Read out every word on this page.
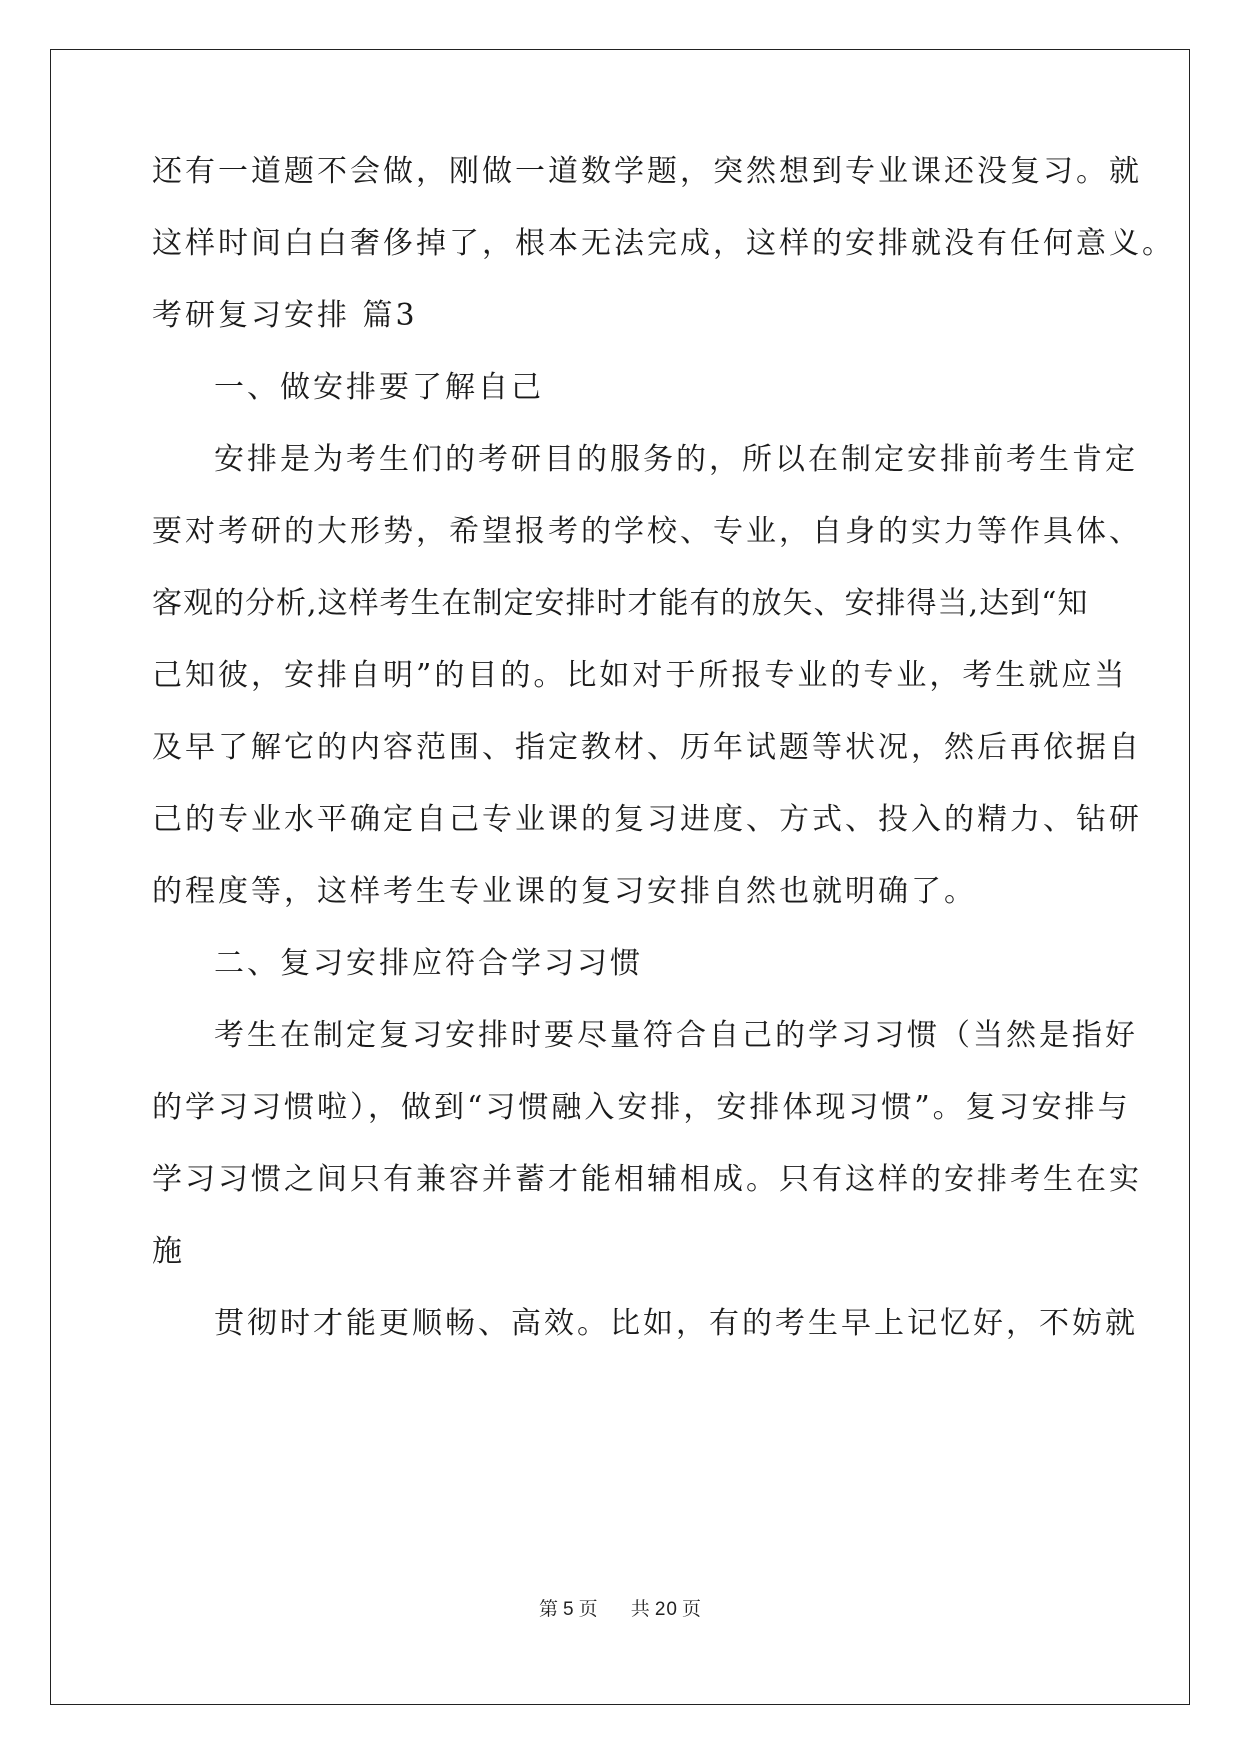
还有一道题不会做，刚做一道数学题，突然想到专业课还没复习。就
这样时间白白奢侈掉了，根本无法完成，这样的安排就没有任何意义。
考研复习安排 篇3
一、做安排要了解自己
安排是为考生们的考研目的服务的，所以在制定安排前考生肯定
要对考研的大形势，希望报考的学校、专业，自身的实力等作具体、
客观的分析,这样考生在制定安排时才能有的放矢、安排得当,达到“知
己知彼，安排自明”的目的。比如对于所报专业的专业，考生就应当
及早了解它的内容范围、指定教材、历年试题等状况，然后再依据自
己的专业水平确定自己专业课的复习进度、方式、投入的精力、钻研
的程度等，这样考生专业课的复习安排自然也就明确了。
二、复习安排应符合学习习惯
考生在制定复习安排时要尽量符合自己的学习习惯（当然是指好
的学习习惯啦），做到“习惯融入安排，安排体现习惯”。复习安排与
学习习惯之间只有兼容并蓄才能相辅相成。只有这样的安排考生在实
施
贯彻时才能更顺畅、高效。比如，有的考生早上记忆好，不妨就
第 5 页 共 20 页
